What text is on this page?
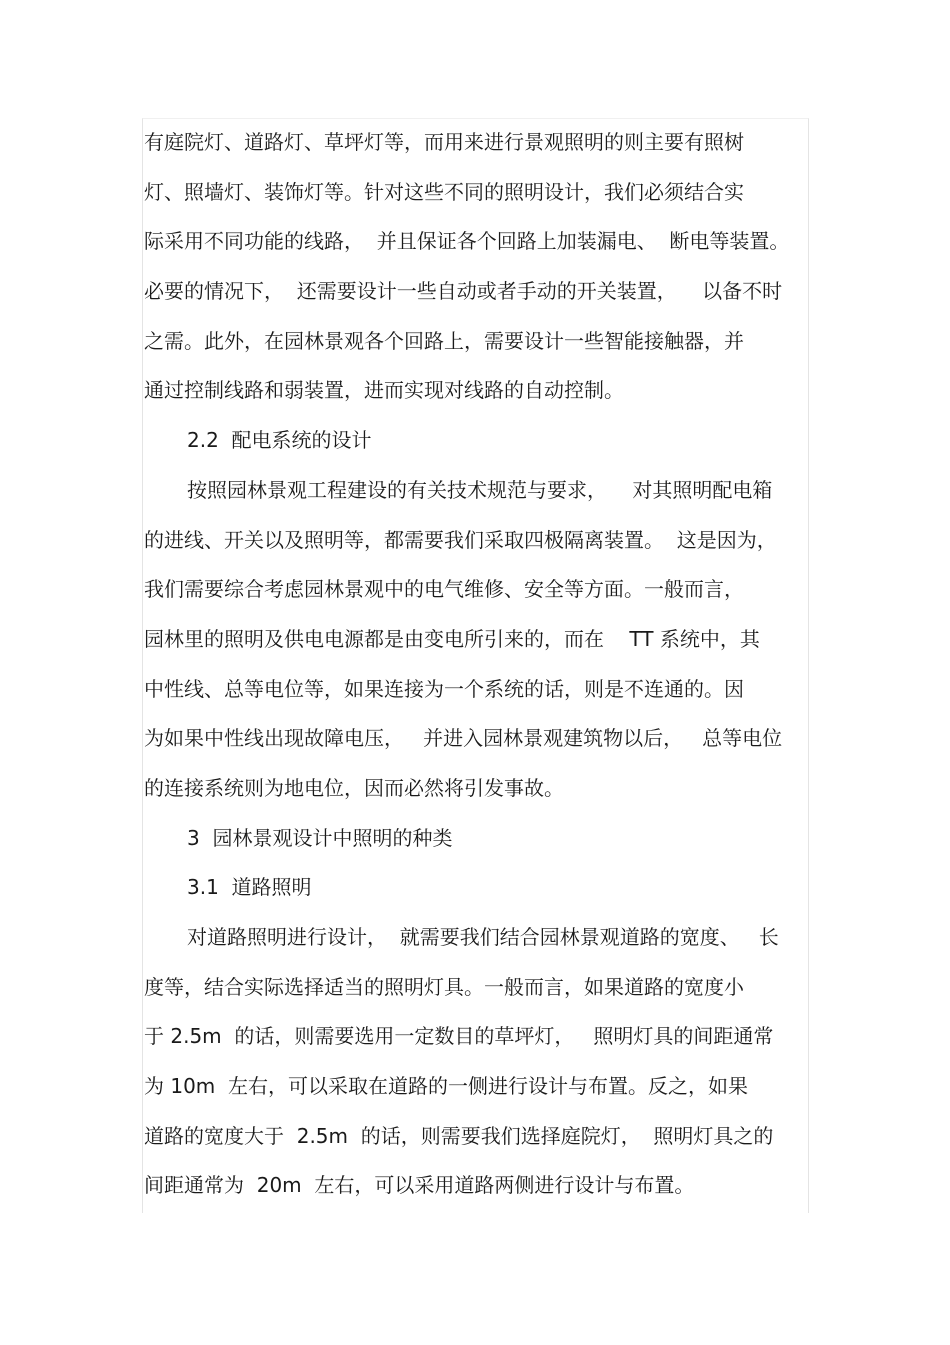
有庭院灯、道路灯、草坪灯等，而用来进行景观照明的则主要有照树
灯、照墙灯、装饰灯等。针对这些不同的照明设计，我们必须结合实
际采用不同功能的线路，  并且保证各个回路上加装漏电、  断电等装置。
必要的情况下，  还需要设计一些自动或者手动的开关装置，    以备不时
之需。此外，在园林景观各个回路上，需要设计一些智能接触器，并
通过控制线路和弱装置，进而实现对线路的自动控制。
2.2  配电系统的设计
按照园林景观工程建设的有关技术规范与要求，    对其照明配电箱
的进线、开关以及照明等，都需要我们采取四极隔离装置。  这是因为，
我们需要综合考虑园林景观中的电气维修、安全等方面。一般而言，
园林里的照明及供电电源都是由变电所引来的，而在    TT 系统中，其
中性线、总等电位等，如果连接为一个系统的话，则是不连通的。因
为如果中性线出现故障电压，   并进入园林景观建筑物以后，   总等电位
的连接系统则为地电位，因而必然将引发事故。
3  园林景观设计中照明的种类
3.1  道路照明
对道路照明进行设计，  就需要我们结合园林景观道路的宽度、   长
度等，结合实际选择适当的照明灯具。一般而言，如果道路的宽度小
于 2.5m  的话，则需要选用一定数目的草坪灯，   照明灯具的间距通常
为 10m  左右，可以采取在道路的一侧进行设计与布置。反之，如果
道路的宽度大于  2.5m  的话，则需要我们选择庭院灯，  照明灯具之的
间距通常为  20m  左右，可以采用道路两侧进行设计与布置。
